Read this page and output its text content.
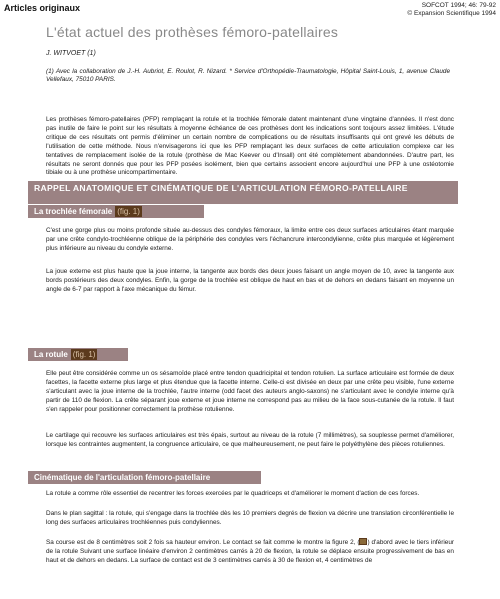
Articles originaux	SOFCOT 1994; 46: 79-92
© Expansion Scientifique 1994
L'état actuel des prothèses fémoro-patellaires
J. WITVOET (1)
(1) Avec la collaboration de J.-H. Aubriot, E. Roulot, R. Nizard. * Service d'Orthopédie-Traumatologie, Hôpital Saint-Louis, 1, avenue Claude Vellefaux, 75010 PARIS.
Les prothèses fémoro-patellaires (PFP) remplaçant la rotule et la trochlée fémorale datent maintenant d'une vingtaine d'années. Il n'est donc pas inutile de faire le point sur les résultats à moyenne échéance de ces prothèses dont les indications sont toujours assez limitées. L'étude critique de ces résultats ont permis d'éliminer un certain nombre de complications ou de résultats insuffisants qui ont grevé les débuts de l'utilisation de cette méthode. Nous n'envisagerons ici que les PFP remplaçant les deux surfaces de cette articulation complexe car les tentatives de remplacement isolée de la rotule (prothèse de Mac Keever ou d'Insall) ont été complètement abandonnées. D'autre part, les résultats ne seront donnés que pour les PFP posées isolément, bien que certains associent encore aujourd'hui une PFP à une ostéotomie tibiale ou à une prothèse unicompartimentaire.
RAPPEL ANATOMIQUE ET CINÉMATIQUE DE L'ARTICULATION FÉMORO-PATELLAIRE
La trochlée fémorale (fig. 1)
C'est une gorge plus ou moins profonde située au-dessus des condyles fémoraux, la limite entre ces deux surfaces articulaires étant marquée par une crête condylo-trochléenne oblique de la périphérie des condyles vers l'échancrure intercondylienne, crête plus marquée et légèrement plus inférieure au niveau du condyle externe.
La joue externe est plus haute que la joue interne, la tangente aux bords des deux joues faisant un angle moyen de 10, avec la tangente aux bords postérieurs des deux condyles. Enfin, la gorge de la trochlée est oblique de haut en bas et de dehors en dedans faisant en moyenne un angle de 6-7 par rapport à l'axe mécanique du fémur.
La rotule (fig. 1)
Elle peut être considérée comme un os sésamoïde placé entre tendon quadricipital et tendon rotulien. La surface articulaire est formée de deux facettes, la facette externe plus large et plus étendue que la facette interne. Celle-ci est divisée en deux par une crête peu visible, l'une externe s'articulant avec la joue interne de la trochlée, l'autre interne (odd facet des auteurs anglo-saxons) ne s'articulant avec le condyle interne qu'à partir de 110 de flexion. La crête séparant joue externe et joue interne ne correspond pas au milieu de la face sous-cutanée de la rotule. Il faut s'en rappeler pour positionner correctement la prothèse rotulienne.
Le cartilage qui recouvre les surfaces articulaires est très épais, surtout au niveau de la rotule (7 millimètres), sa souplesse permet d'améliorer, lorsque les contraintes augmentent, la congruence articulaire, ce que malheureusement, ne peut faire le polyéthylène des pièces rotuliennes.
Cinématique de l'articulation fémoro-patellaire
La rotule a comme rôle essentiel de recentrer les forces exercées par le quadriceps et d'améliorer le moment d'action de ces forces.
Dans le plan sagittal : la rotule, qui s'engage dans la trochlée dès les 10 premiers degrés de flexion va décrire une translation circonférentielle le long des surfaces articulaires trochléennes puis condyliennes.
Sa course est de 8 centimètres soit 2 fois sa hauteur environ. Le contact se fait comme le montre la figure 2, ( ) d'abord avec le tiers inférieur de la rotule Suivant une surface linéaire d'environ 2 centimètres carrés à 20 de flexion, la rotule se déplace ensuite progressivement de bas en haut et de dehors en dedans. La surface de contact est de 3 centimètres carrés à 30 de flexion et, 4 centimètres de
